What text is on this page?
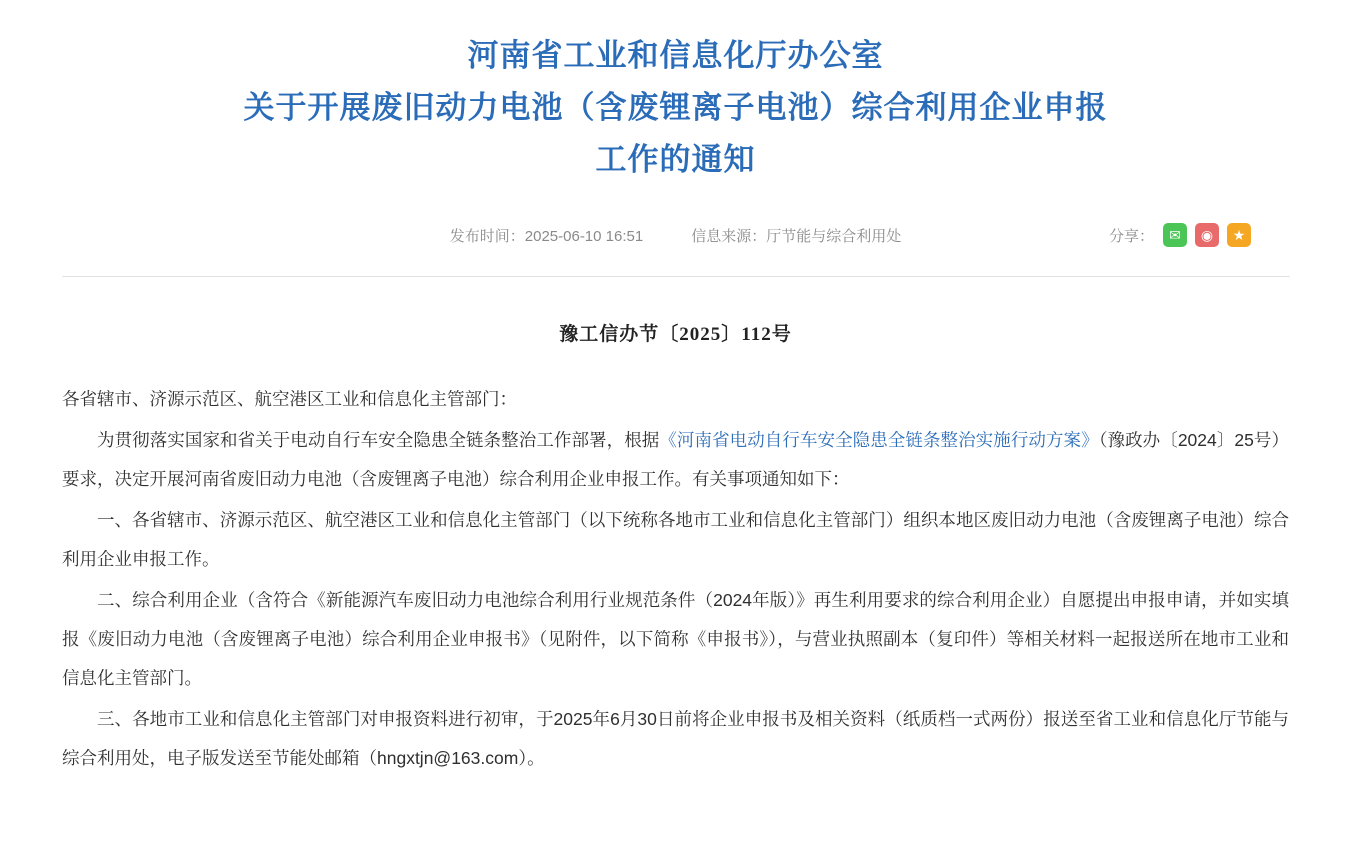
河南省工业和信息化厅办公室
关于开展废旧动力电池（含废锂离子电池）综合利用企业申报
工作的通知
发布时间：2025-06-10 16:51	信息来源：厅节能与综合利用处	分享：	✉	◉	★
豫工信办节〔2025〕112号

各省辖市、济源示范区、航空港区工业和信息化主管部门：

为贯彻落实国家和省关于电动自行车安全隐患全链条整治工作部署，根据《河南省电动自行车安全隐患全链条整治实施行动方案》（豫政办〔2024〕25号）要求，决定开展河南省废旧动力电池（含废锂离子电池）综合利用企业申报工作。有关事项通知如下：

一、各省辖市、济源示范区、航空港区工业和信息化主管部门（以下统称各地市工业和信息化主管部门）组织本地区废旧动力电池（含废锂离子电池）综合利用企业申报工作。

二、综合利用企业（含符合《新能源汽车废旧动力电池综合利用行业规范条件（2024年版）》再生利用要求的综合利用企业）自愿提出申报申请，并如实填报《废旧动力电池（含废锂离子电池）综合利用企业申报书》（见附件，以下简称《申报书》），与营业执照副本（复印件）等相关材料一起报送所在地市工业和信息化主管部门。

三、各地市工业和信息化主管部门对申报资料进行初审，于2025年6月30日前将企业申报书及相关资料（纸质档一式两份）报送至省工业和信息化厅节能与综合利用处，电子版发送至节能处邮箱（hngxtjn@163.com）。
